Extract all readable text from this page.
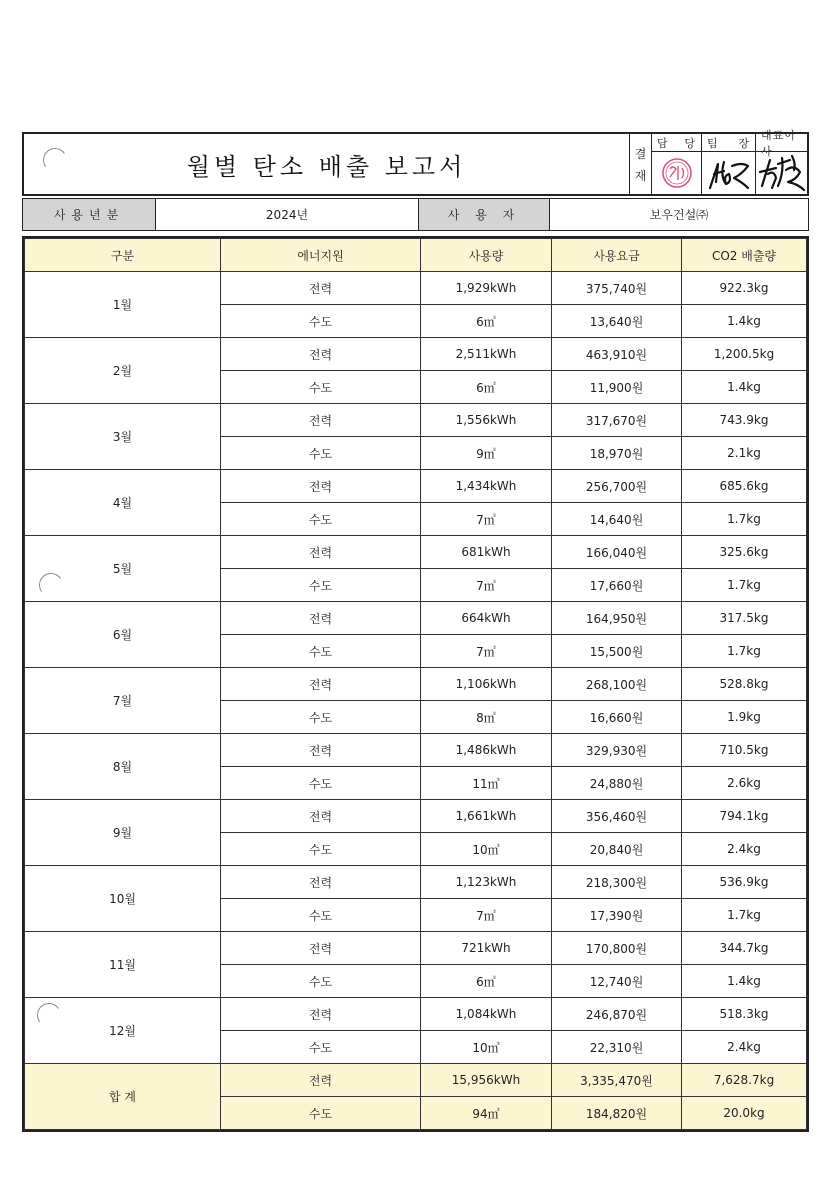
월별 탄소 배출 보고서	결
재
담 당 팀 장
대표이사
사용년분	2024년	사 용 자	보우건설㈜
구분	에너지원	사용량	사용요금	CO2 배출량
1월	전력	1,929kWh	375,740원	922.3kg
	수도	6㎥	13,640원	1.4kg
2월	전력	2,511kWh	463,910원	1,200.5kg
	수도	6㎥	11,900원	1.4kg
3월	전력	1,556kWh	317,670원	743.9kg
	수도	9㎥	18,970원	2.1kg
4월	전력	1,434kWh	256,700원	685.6kg
	수도	7㎥	14,640원	1.7kg
5월	전력	681kWh	166,040원	325.6kg
	수도	7㎥	17,660원	1.7kg
6월	전력	664kWh	164,950원	317.5kg
	수도	7㎥	15,500원	1.7kg
7월	전력	1,106kWh	268,100원	528.8kg
	수도	8㎥	16,660원	1.9kg
8월	전력	1,486kWh	329,930원	710.5kg
	수도	11㎥	24,880원	2.6kg
9월	전력	1,661kWh	356,460원	794.1kg
	수도	10㎥	20,840원	2.4kg
10월	전력	1,123kWh	218,300원	536.9kg
	수도	7㎥	17,390원	1.7kg
11월	전력	721kWh	170,800원	344.7kg
	수도	6㎥	12,740원	1.4kg
12월	전력	1,084kWh	246,870원	518.3kg
	수도	10㎥	22,310원	2.4kg
합 계	전력	15,956kWh	3,335,470원	7,628.7kg
	수도	94㎥	184,820원	20.0kg
